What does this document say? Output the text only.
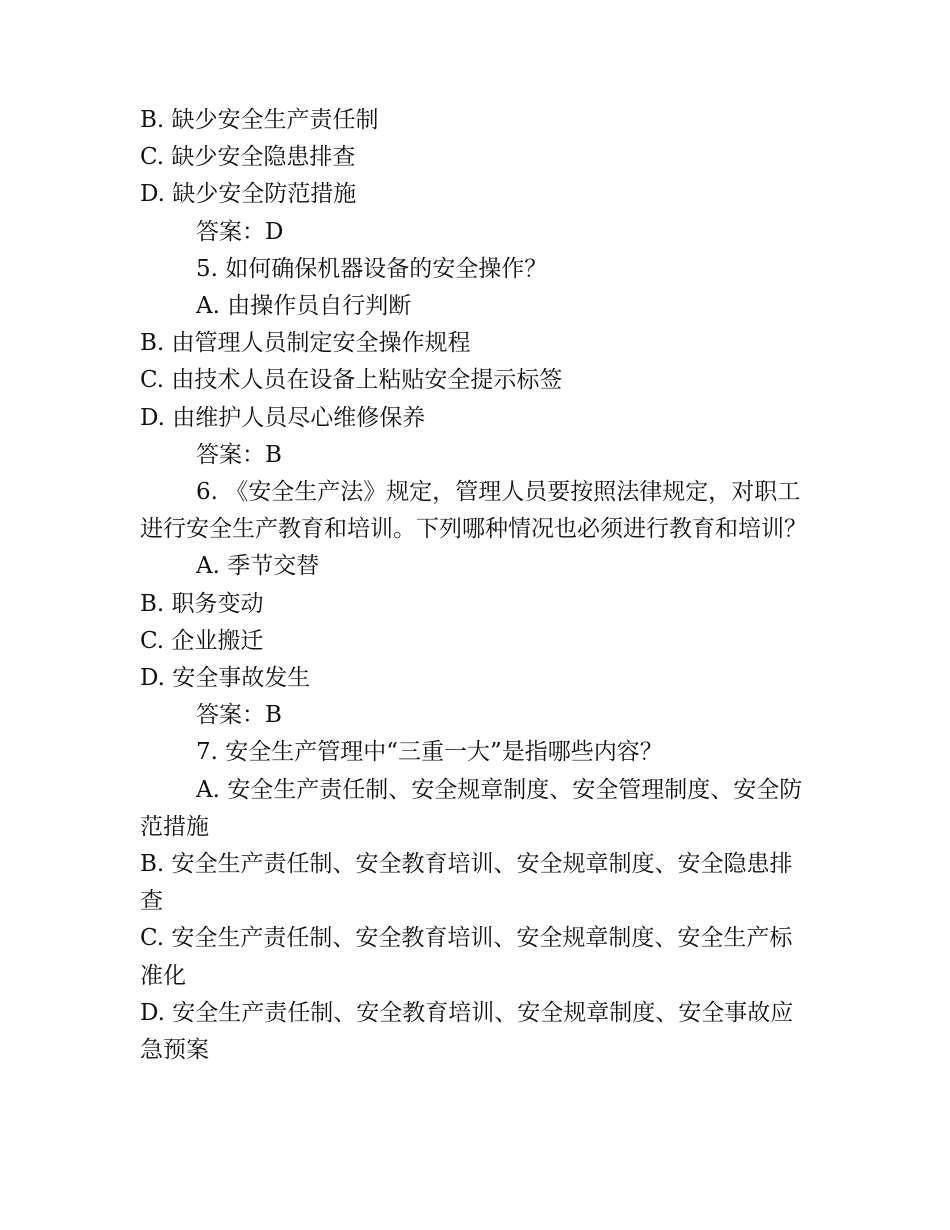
B. 缺少安全生产责任制

C. 缺少安全隐患排查

D. 缺少安全防范措施

答案：D

5. 如何确保机器设备的安全操作？

A. 由操作员自行判断

B. 由管理人员制定安全操作规程

C. 由技术人员在设备上粘贴安全提示标签

D. 由维护人员尽心维修保养

答案：B

6. 《安全生产法》规定，管理人员要按照法律规定，对职工进行安全生产教育和培训。下列哪种情况也必须进行教育和培训？

A. 季节交替

B. 职务变动

C. 企业搬迁

D. 安全事故发生

答案：B

7. 安全生产管理中“三重一大”是指哪些内容？

A. 安全生产责任制、安全规章制度、安全管理制度、安全防范措施

B. 安全生产责任制、安全教育培训、安全规章制度、安全隐患排查

C. 安全生产责任制、安全教育培训、安全规章制度、安全生产标准化

D. 安全生产责任制、安全教育培训、安全规章制度、安全事故应急预案
